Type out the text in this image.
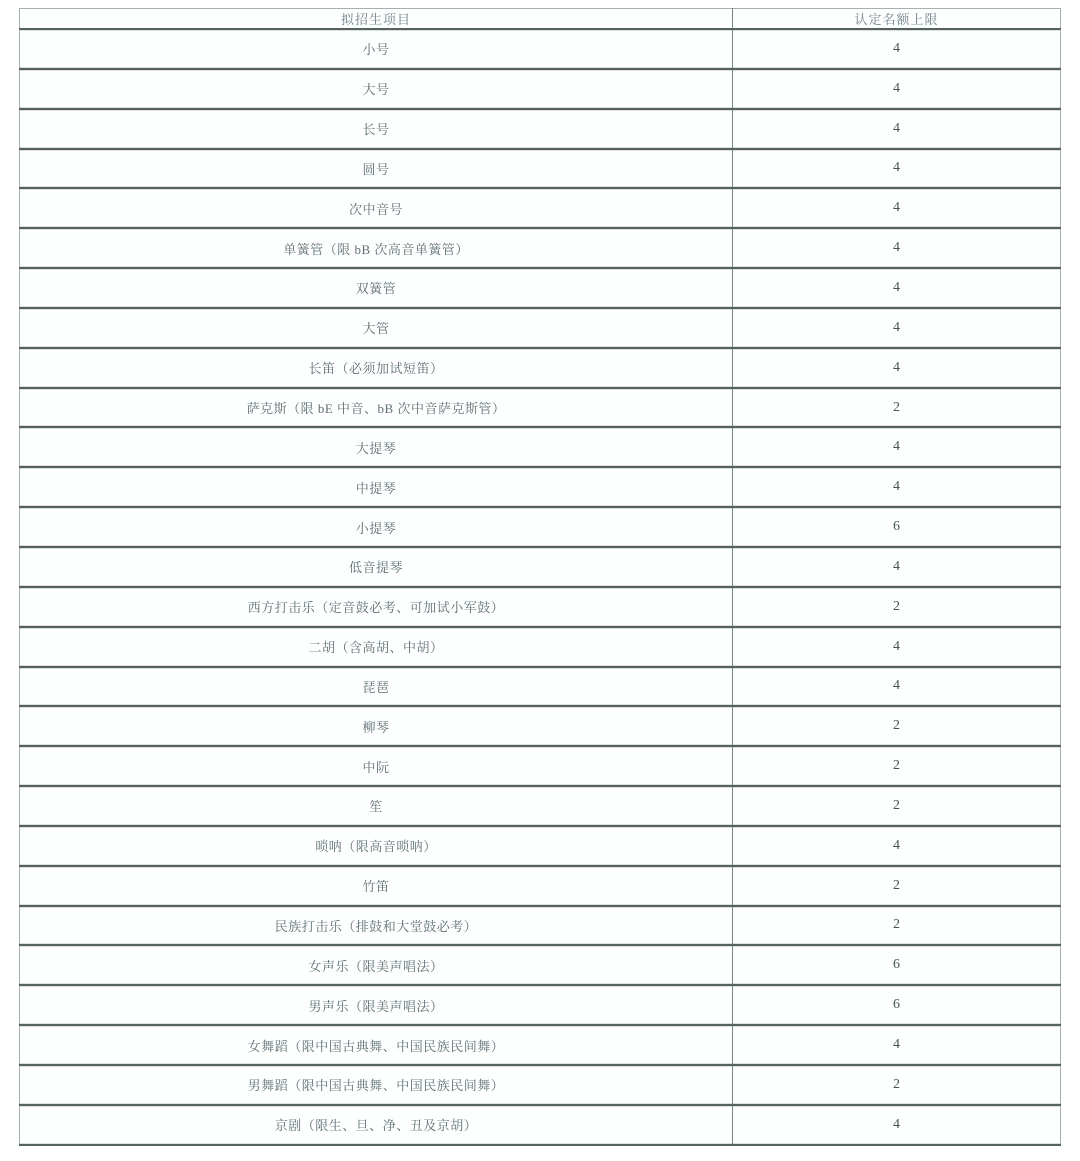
拟招生项目	认定名额上限
小号	4
大号	4
长号	4
圆号	4
次中音号	4
单簧管（限 bB 次高音单簧管）	4
双簧管	4
大管	4
长笛（必须加试短笛）	4
萨克斯（限 bE 中音、bB 次中音萨克斯管）	2
大提琴	4
中提琴	4
小提琴	6
低音提琴	4
西方打击乐（定音鼓必考、可加试小军鼓）	2
二胡（含高胡、中胡）	4
琵琶	4
柳琴	2
中阮	2
笙	2
唢呐（限高音唢呐）	4
竹笛	2
民族打击乐（排鼓和大堂鼓必考）	2
女声乐（限美声唱法）	6
男声乐（限美声唱法）	6
女舞蹈（限中国古典舞、中国民族民间舞）	4
男舞蹈（限中国古典舞、中国民族民间舞）	2
京剧（限生、旦、净、丑及京胡）	4
